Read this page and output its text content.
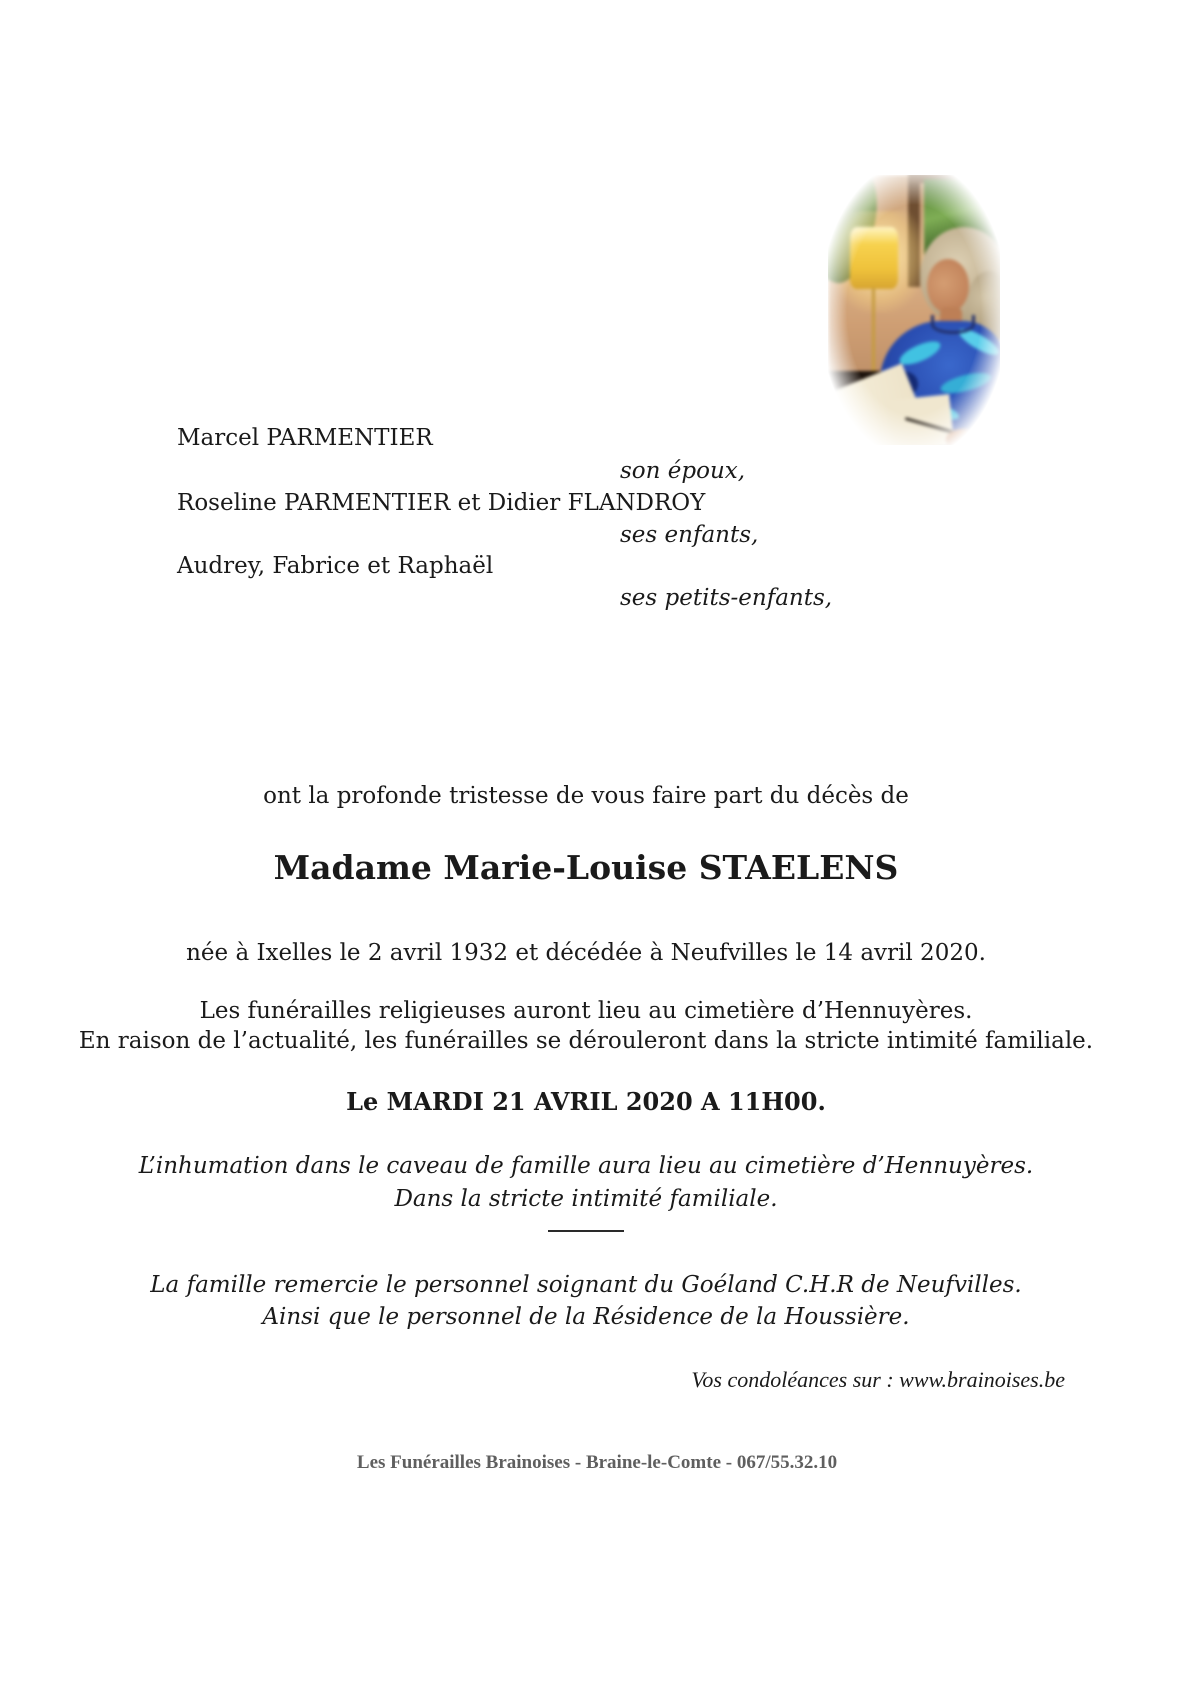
Marcel PARMENTIER
son époux,
Roseline PARMENTIER et Didier FLANDROY
ses enfants,
Audrey, Fabrice et Raphaël
ses petits-enfants,
ont la profonde tristesse de vous faire part du décès de
Madame Marie-Louise STAELENS
née à Ixelles le 2 avril 1932 et décédée à Neufvilles le 14 avril 2020.
Les funérailles religieuses auront lieu au cimetière d’Hennuyères.
En raison de l’actualité, les funérailles se dérouleront dans la stricte intimité familiale.
Le MARDI 21 AVRIL 2020 A 11H00.
L’inhumation dans le caveau de famille aura lieu au cimetière d’Hennuyères.
Dans la stricte intimité familiale.
La famille remercie le personnel soignant du Goéland C.H.R de Neufvilles.
Ainsi que le personnel de la Résidence de la Houssière.
Vos condoléances sur : www.brainoises.be
Les Funérailles Brainoises - Braine-le-Comte - 067/55.32.10
